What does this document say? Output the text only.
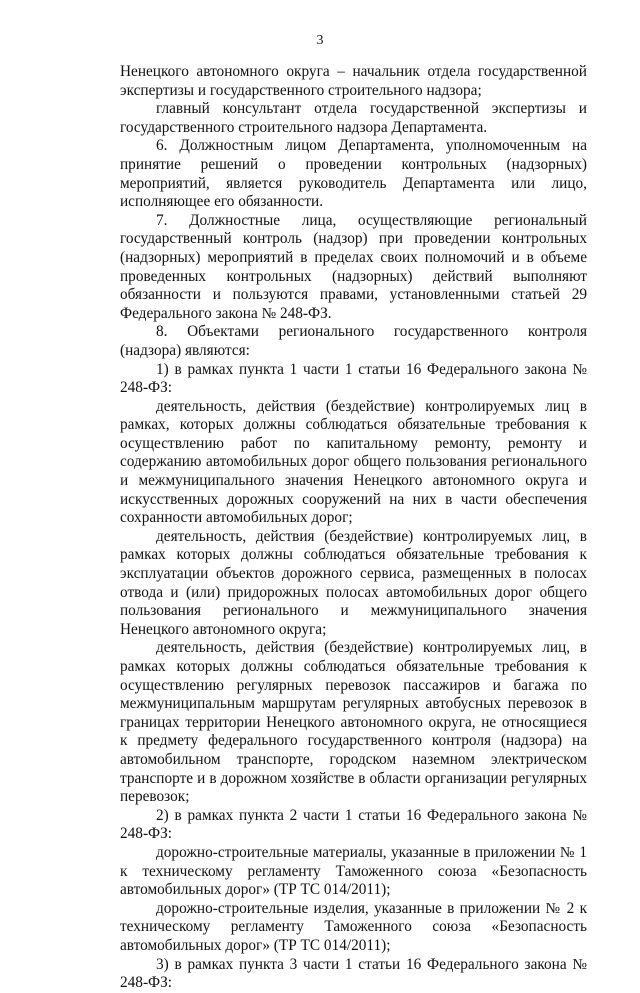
3

Ненецкого автономного округа – начальник отдела государственной экспертизы и государственного строительного надзора;

главный консультант отдела государственной экспертизы и государственного строительного надзора Департамента.

6. Должностным лицом Департамента, уполномоченным на принятие решений о проведении контрольных (надзорных) мероприятий, является руководитель Департамента или лицо, исполняющее его обязанности.

7. Должностные лица, осуществляющие региональный государственный контроль (надзор) при проведении контрольных (надзорных) мероприятий в пределах своих полномочий и в объеме проведенных контрольных (надзорных) действий выполняют обязанности и пользуются правами, установленными статьей 29 Федерального закона № 248-ФЗ.

8. Объектами регионального государственного контроля (надзора) являются:

1) в рамках пункта 1 части 1 статьи 16 Федерального закона № 248-ФЗ:

деятельность, действия (бездействие) контролируемых лиц в рамках, которых должны соблюдаться обязательные требования к осуществлению работ по капитальному ремонту, ремонту и содержанию автомобильных дорог общего пользования регионального и межмуниципального значения Ненецкого автономного округа и искусственных дорожных сооружений на них в части обеспечения сохранности автомобильных дорог;

деятельность, действия (бездействие) контролируемых лиц, в рамках которых должны соблюдаться обязательные требования к эксплуатации объектов дорожного сервиса, размещенных в полосах отвода и (или) придорожных полосах автомобильных дорог общего пользования регионального и межмуниципального значения Ненецкого автономного округа;

деятельность, действия (бездействие) контролируемых лиц, в рамках которых должны соблюдаться обязательные требования к осуществлению регулярных перевозок пассажиров и багажа по межмуниципальным маршрутам регулярных автобусных перевозок в границах территории Ненецкого автономного округа, не относящиеся к предмету федерального государственного контроля (надзора) на автомобильном транспорте, городском наземном электрическом транспорте и в дорожном хозяйстве в области организации регулярных перевозок;

2) в рамках пункта 2 части 1 статьи 16 Федерального закона № 248-ФЗ:

дорожно-строительные материалы, указанные в приложении № 1 к техническому регламенту Таможенного союза «Безопасность автомобильных дорог» (ТР ТС 014/2011);

дорожно-строительные изделия, указанные в приложении № 2 к техническому регламенту Таможенного союза «Безопасность автомобильных дорог» (ТР ТС 014/2011);

3) в рамках пункта 3 части 1 статьи 16 Федерального закона № 248-ФЗ:
